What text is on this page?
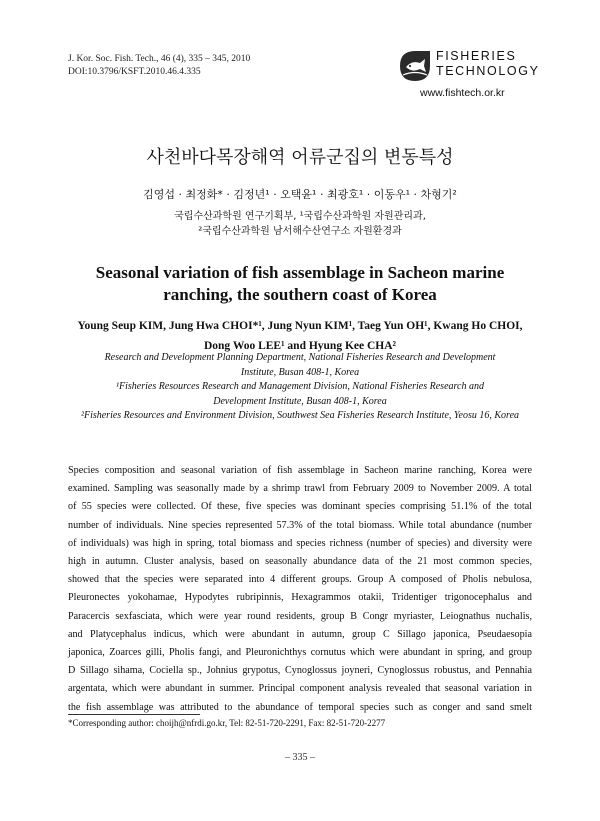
J. Kor. Soc. Fish. Tech., 46 (4), 335 – 345, 2010
DOI:10.3796/KSFT.2010.46.4.335
FISHERIES
TECHNOLOGY
www.fishtech.or.kr
사천바다목장해역 어류군집의 변동특성
김영섭 · 최정화* · 김정년¹ · 오택윤¹ · 최광호¹ · 이동우¹ · 차형기²
국립수산과학원 연구기획부, ¹국립수산과학원 자원관리과,
²국립수산과학원 남서해수산연구소 자원환경과
Seasonal variation of fish assemblage in Sacheon marine
ranching, the southern coast of Korea
Young Seup KIM, Jung Hwa CHOI*¹, Jung Nyun KIM¹, Taeg Yun OH¹, Kwang Ho CHOI,
Dong Woo LEE¹ and Hyung Kee CHA²

Research and Development Planning Department, National Fisheries Research and Development

Institute, Busan 408-1, Korea

¹Fisheries Resources Research and Management Division, National Fisheries Research and

Development Institute, Busan 408-1, Korea

²Fisheries Resources and Environment Division, Southwest Sea Fisheries Research Institute, Yeosu 16, Korea

Species composition and seasonal variation of fish assemblage in Sacheon marine ranching, Korea were

examined. Sampling was seasonally made by a shrimp trawl from February 2009 to November 2009. A total

of 55 species were collected. Of these, five species was dominant species comprising 51.1% of the total

number of individuals. Nine species represented 57.3% of the total biomass. While total abundance (number

of individuals) was high in spring, total biomass and species richness (number of species) and diversity were

high in autumn. Cluster analysis, based on seasonally abundance data of the 21 most common species,

showed that the species were separated into 4 different groups. Group A composed of Pholis nebulosa,

Pleuronectes yokohamae, Hypodytes rubripinnis, Hexagrammos otakii, Tridentiger trigonocephalus and

Paracercis sexfasciata, which were year round residents, group B Congr myriaster, Leiognathus nuchalis,

and Platycephalus indicus, which were abundant in autumn, group C Sillago japonica, Pseudaesopia

japonica, Zoarces gilli, Pholis fangi, and Pleuronichthys cornutus which were abundant in spring, and group

D Sillago sihama, Cociella sp., Johnius grypotus, Cynoglossus joyneri, Cynoglossus robustus, and Pennahia

argentata, which were abundant in summer. Principal component analysis revealed that seasonal variation in

the fish assemblage was attributed to the abundance of temporal species such as conger and sand smelt

*Corresponding author: choijh@nfrdi.go.kr, Tel: 82-51-720-2291, Fax: 82-51-720-2277
– 335 –
